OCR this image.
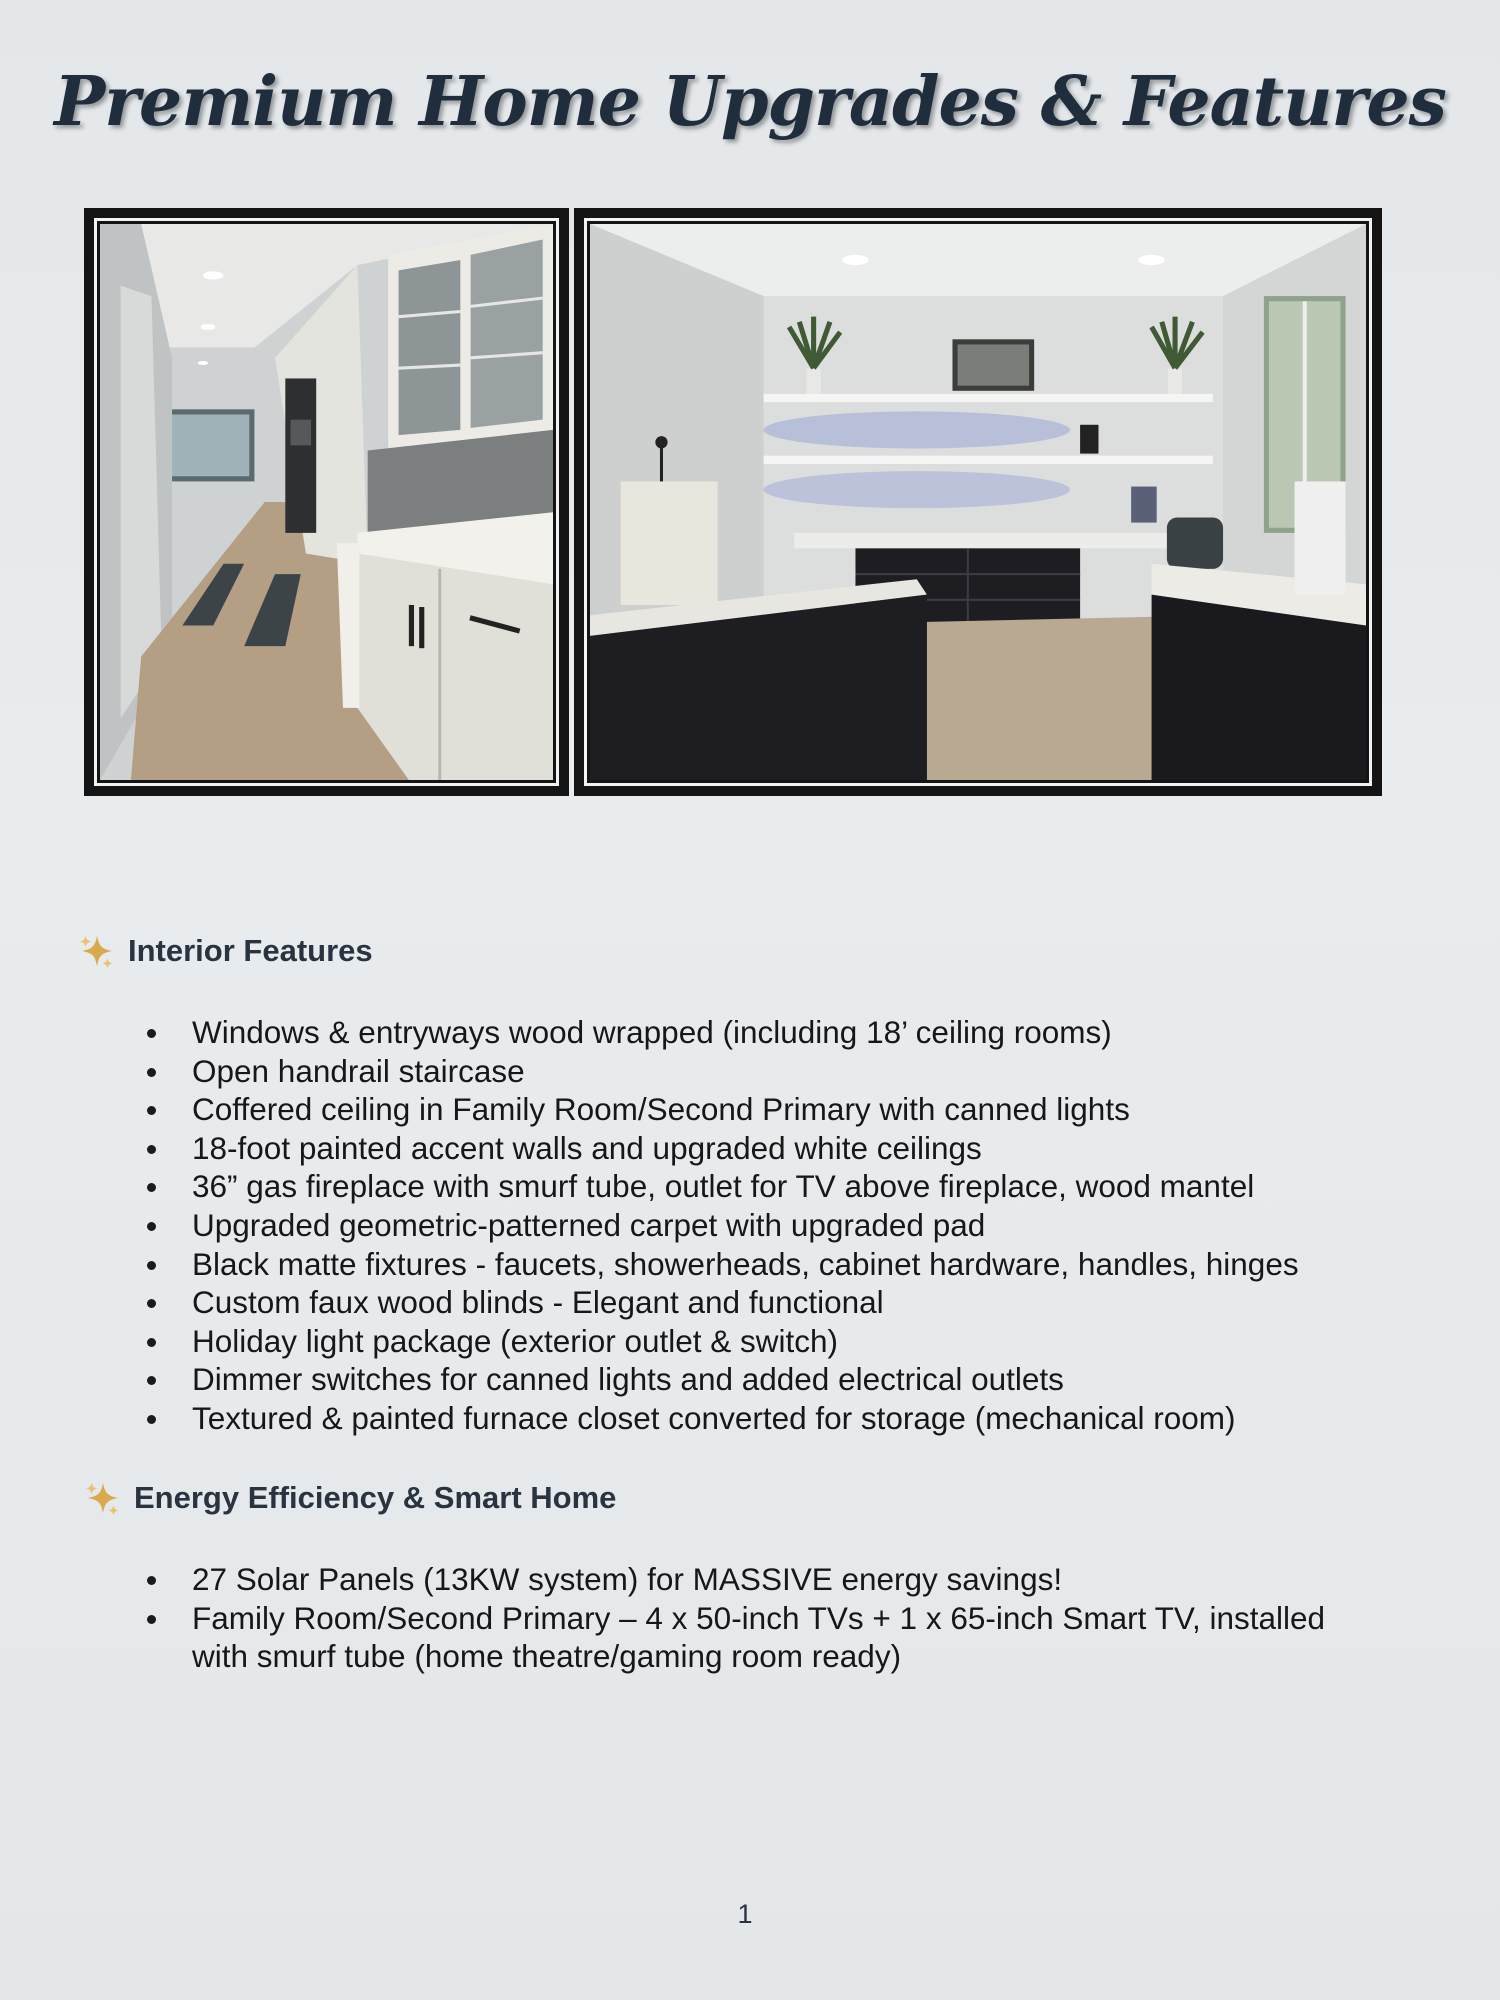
Premium Home Upgrades & Features
Interior Features
Windows & entryways wood wrapped (including 18’ ceiling rooms)
Open handrail staircase
Coffered ceiling in Family Room/Second Primary with canned lights
18-foot painted accent walls and upgraded white ceilings
36” gas fireplace with smurf tube, outlet for TV above fireplace, wood mantel
Upgraded geometric-patterned carpet with upgraded pad
Black matte fixtures - faucets, showerheads, cabinet hardware, handles, hinges
Custom faux wood blinds - Elegant and functional
Holiday light package (exterior outlet & switch)
Dimmer switches for canned lights and added electrical outlets
Textured & painted furnace closet converted for storage (mechanical room)
Energy Efficiency & Smart Home
27 Solar Panels (13KW system) for MASSIVE energy savings!
Family Room/Second Primary – 4 x 50-inch TVs + 1 x 65-inch Smart TV, installed with smurf tube (home theatre/gaming room ready)
1
